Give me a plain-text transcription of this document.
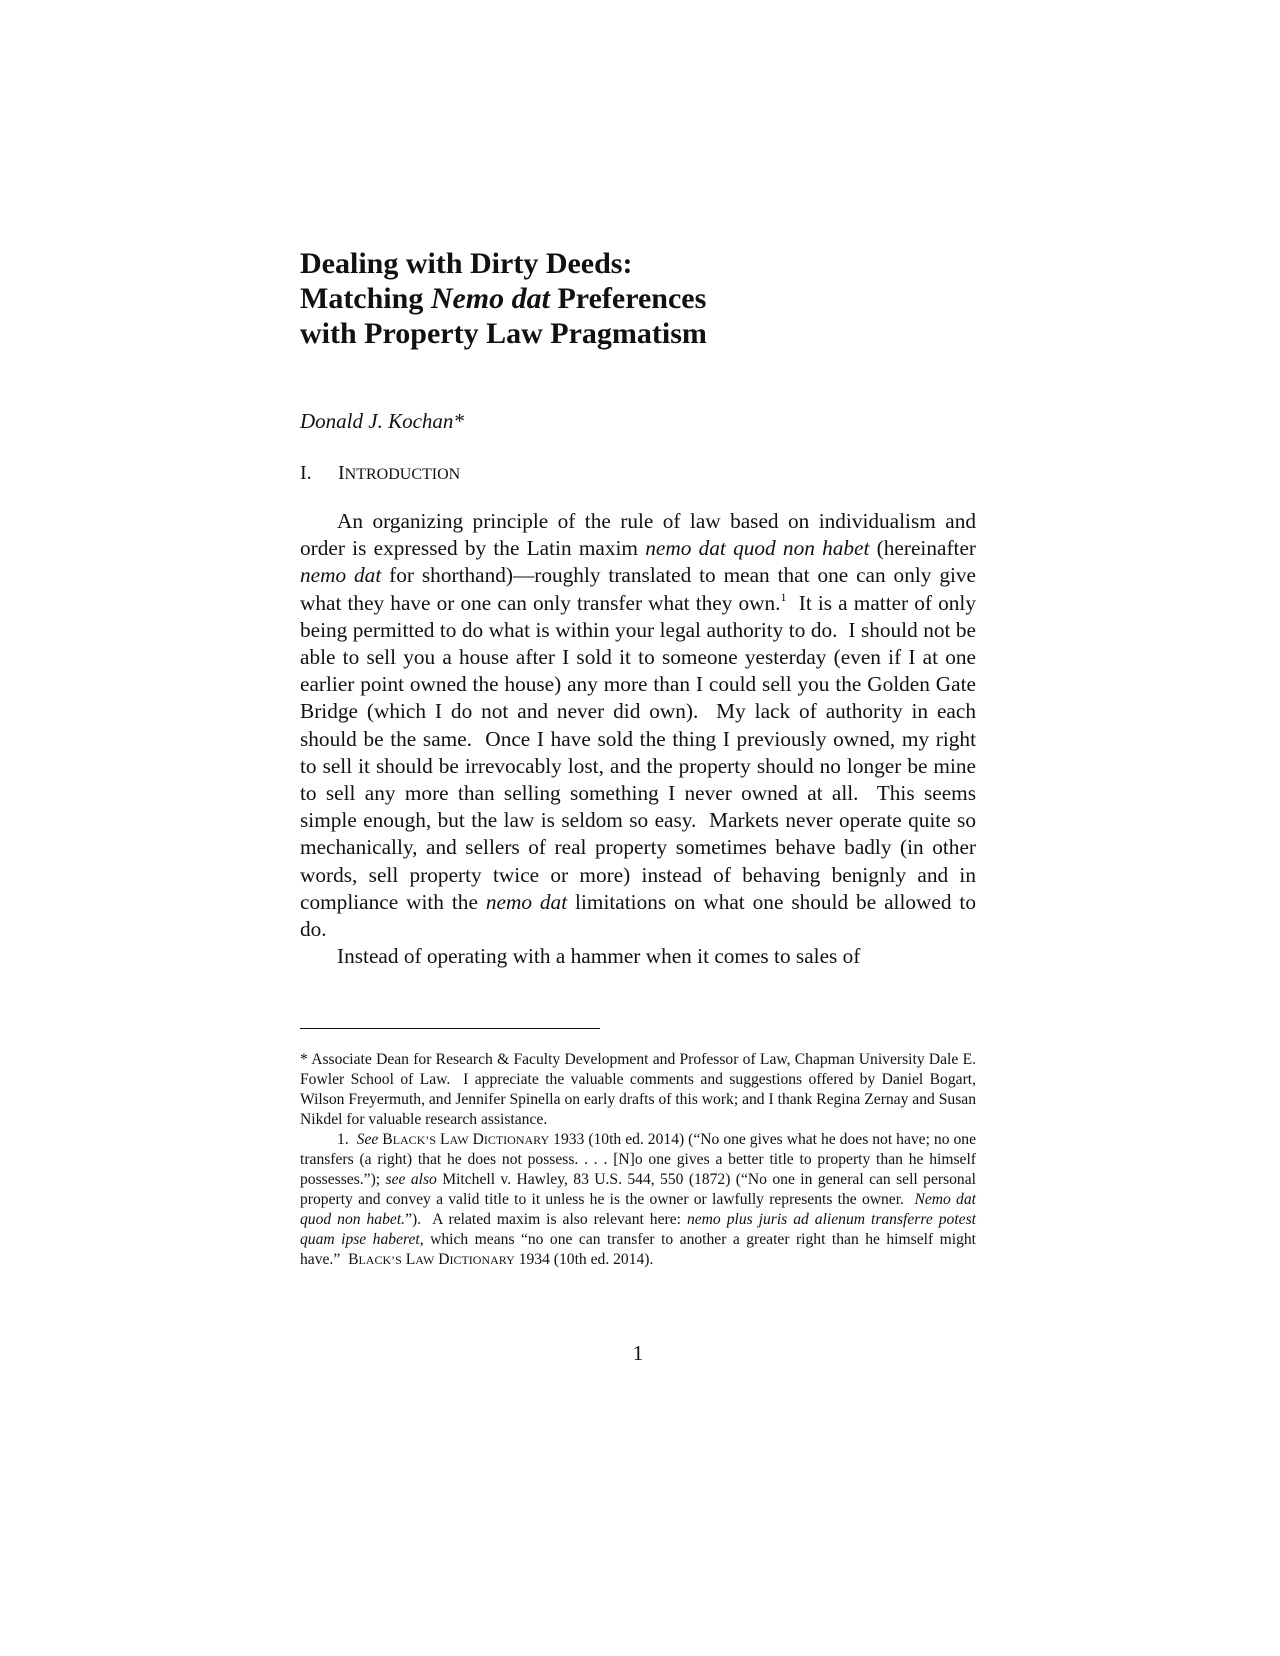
Dealing with Dirty Deeds:
Matching Nemo dat Preferences
with Property Law Pragmatism

Donald J. Kochan*

I. INTRODUCTION

An organizing principle of the rule of law based on individualism and order is expressed by the Latin maxim nemo dat quod non habet (hereinafter nemo dat for shorthand)—roughly translated to mean that one can only give what they have or one can only transfer what they own.$^1$  It is a matter of only being permitted to do what is within your legal authority to do.  I should not be able to sell you a house after I sold it to someone yesterday (even if I at one earlier point owned the house) any more than I could sell you the Golden Gate Bridge (which I do not and never did own).  My lack of authority in each should be the same.  Once I have sold the thing I previously owned, my right to sell it should be irrevocably lost, and the property should no longer be mine to sell any more than selling something I never owned at all.  This seems simple enough, but the law is seldom so easy.  Markets never operate quite so mechanically, and sellers of real property sometimes behave badly (in other words, sell property twice or more) instead of behaving benignly and in compliance with the nemo dat limitations on what one should be allowed to do.

Instead of operating with a hammer when it comes to sales of

* Associate Dean for Research & Faculty Development and Professor of Law, Chapman University Dale E. Fowler School of Law.  I appreciate the valuable comments and suggestions offered by Daniel Bogart, Wilson Freyermuth, and Jennifer Spinella on early drafts of this work; and I thank Regina Zernay and Susan Nikdel for valuable research assistance.

1.  See BLACK’S LAW DICTIONARY 1933 (10th ed. 2014) (“No one gives what he does not have; no one transfers (a right) that he does not possess. . . . [N]o one gives a better title to property than he himself possesses.”); see also Mitchell v. Hawley, 83 U.S. 544, 550 (1872) (“No one in general can sell personal property and convey a valid title to it unless he is the owner or lawfully represents the owner.  Nemo dat quod non habet.”).  A related maxim is also relevant here: nemo plus juris ad alienum transferre potest quam ipse haberet, which means “no one can transfer to another a greater right than he himself might have.”  BLACK’S LAW DICTIONARY 1934 (10th ed. 2014).

1
